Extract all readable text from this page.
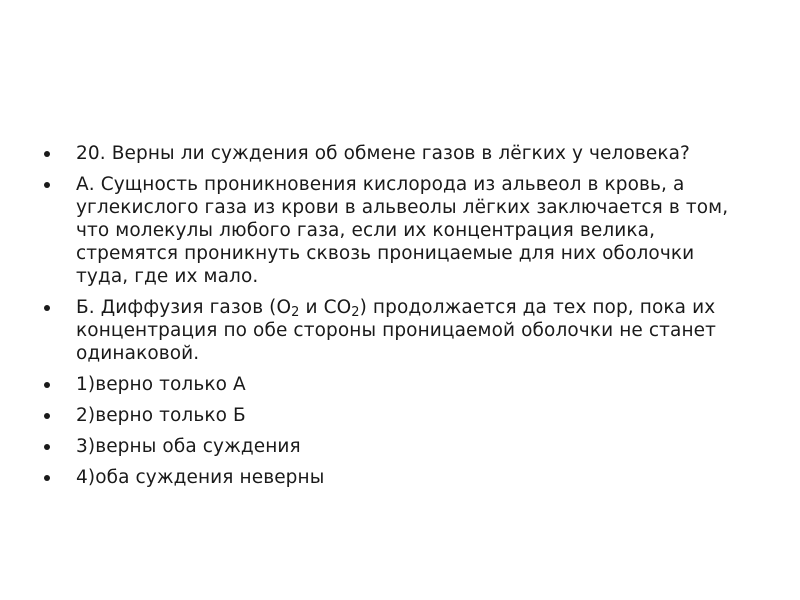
20. Верны ли суждения об обмене газов в лёгких у человека?
А. Сущность проникновения кислорода из альвеол в кровь, а углекислого газа из крови в альвеолы лёгких заключается в том, что молекулы любого газа, если их концентрация велика, стремятся проникнуть сквозь проницаемые для них оболочки туда, где их мало.
Б. Диффузия газов ($O_2$ и $CO_2$) продолжается да тех пор, пока их концентрация по обе стороны проницаемой оболочки не станет одинаковой.
1)верно только А
2)верно только Б
3)верны оба суждения
4)оба суждения неверны
